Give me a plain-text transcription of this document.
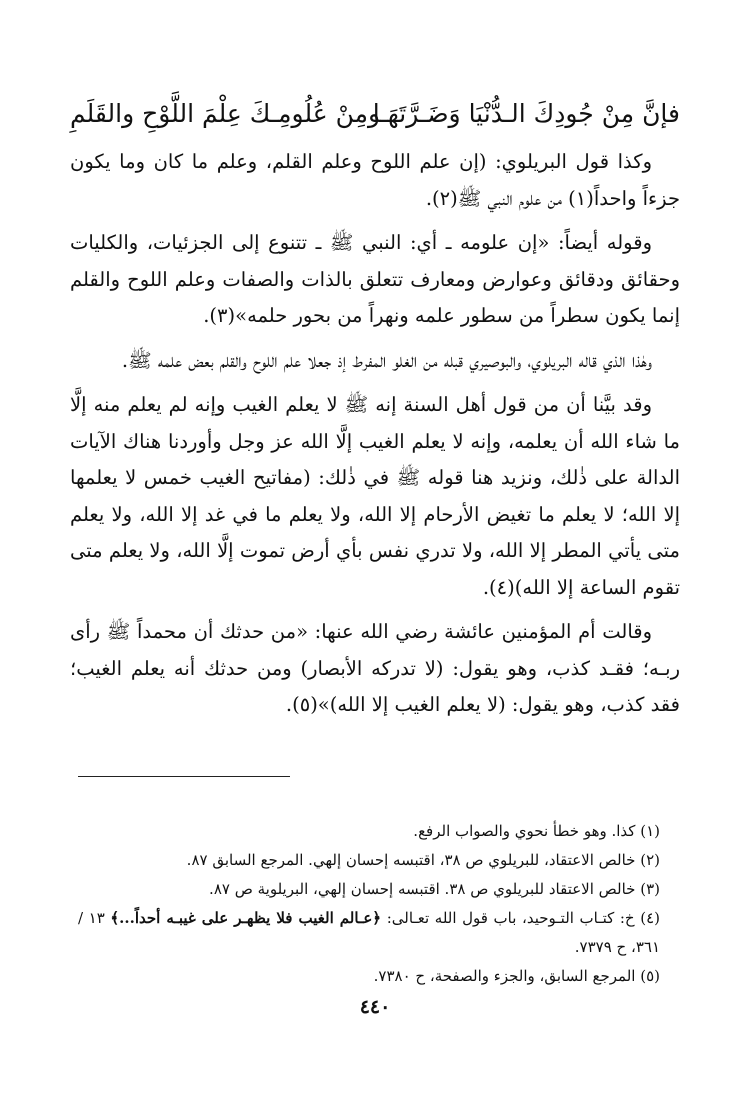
فإنَّ مِنْ جُودِكَ الـدُّنْيَا وَضَـرَّتَهَـا
ومِنْ عُلُومِـكَ عِلْمَ اللَّوْحِ والقَلَمِ

وكذا قول البريلوي: (إن علم اللوح وعلم القلم، وعلم ما كان وما يكون جزءاً واحداً(١) من علوم النبي ﷺ(٢).

وقوله أيضاً: «إن علومه ـ أي: النبي ﷺ ـ تتنوع إلى الجزئيات، والكليات وحقائق ودقائق وعوارض ومعارف تتعلق بالذات والصفات وعلم اللوح والقلم إنما يكون سطراً من سطور علمه ونهراً من بحور حلمه»(٣).

وهٰذا الذي قاله البريلوي، والبوصيري قبله من الغلو المفرط إذ جعلا علم اللوح والقلم بعض علمه ﷺ.

وقد بيَّنا أن من قول أهل السنة إنه ﷺ لا يعلم الغيب وإنه لم يعلم منه إلَّا ما شاء الله أن يعلمه، وإنه لا يعلم الغيب إلَّا الله عز وجل وأوردنا هناك الآيات الدالة على ذٰلك، ونزيد هنا قوله ﷺ في ذٰلك: (مفاتيح الغيب خمس لا يعلمها إلا الله؛ لا يعلم ما تغيض الأرحام إلا الله، ولا يعلم ما في غد إلا الله، ولا يعلم متى يأتي المطر إلا الله، ولا تدري نفس بأي أرض تموت إلَّا الله، ولا يعلم متى تقوم الساعة إلا الله)(٤).

وقالت أم المؤمنين عائشة رضي الله عنها: «من حدثك أن محمداً ﷺ رأى ربـه؛ فقـد كذب، وهو يقول: (لا تدركه الأبصار) ومن حدثك أنه يعلم الغيب؛ فقد كذب، وهو يقول: (لا يعلم الغيب إلا الله)»(٥).

(١) كذا. وهو خطأ نحوي والصواب الرفع.

(٢) خالص الاعتقاد، للبريلوي ص ٣٨، اقتبسه إحسان إلهي. المرجع السابق ٨٧.

(٣) خالص الاعتقاد للبريلوي ص ٣٨. اقتبسه إحسان إلهي، البريلوية ص ٨٧.

(٤) خ: كتـاب التـوحيد، باب قول الله تعـالى: ﴿عـالم الغيب فلا يظهـر على غيبـه أحداً...﴾ ١٣ / ٣٦١، ح ٧٣٧٩.

(٥) المرجع السابق، والجزء والصفحة، ح ٧٣٨٠.

٤٤٠
